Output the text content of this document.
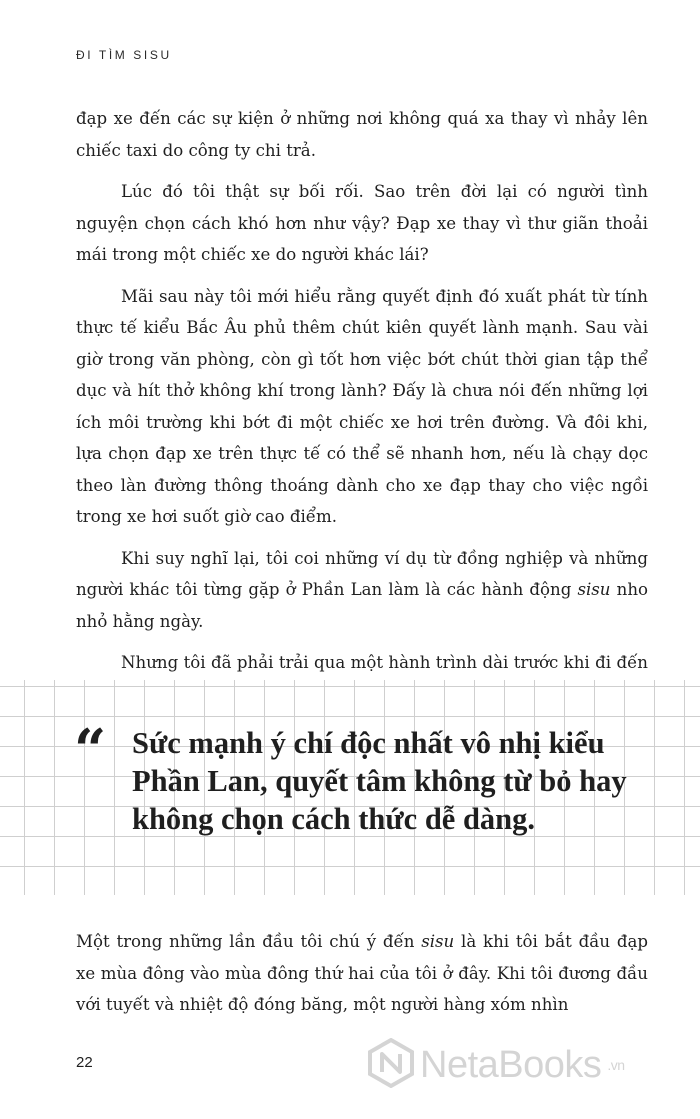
ĐI TÌM SISU

đạp xe đến các sự kiện ở những nơi không quá xa thay vì nhảy lên chiếc taxi do công ty chi trả.

Lúc đó tôi thật sự bối rối. Sao trên đời lại có người tình nguyện chọn cách khó hơn như vậy? Đạp xe thay vì thư giãn thoải mái trong một chiếc xe do người khác lái?

Mãi sau này tôi mới hiểu rằng quyết định đó xuất phát từ tính thực tế kiểu Bắc Âu phủ thêm chút kiên quyết lành mạnh. Sau vài giờ trong văn phòng, còn gì tốt hơn việc bớt chút thời gian tập thể dục và hít thở không khí trong lành? Đấy là chưa nói đến những lợi ích môi trường khi bớt đi một chiếc xe hơi trên đường. Và đôi khi, lựa chọn đạp xe trên thực tế có thể sẽ nhanh hơn, nếu là chạy dọc theo làn đường thông thoáng dành cho xe đạp thay cho việc ngồi trong xe hơi suốt giờ cao điểm.

Khi suy nghĩ lại, tôi coi những ví dụ từ đồng nghiệp và những người khác tôi từng gặp ở Phần Lan làm là các hành động sisu nho nhỏ hằng ngày.

Nhưng tôi đã phải trải qua một hành trình dài trước khi đi đến

“ Sức mạnh ý chí độc nhất vô nhị kiểu Phần Lan, quyết tâm không từ bỏ hay không chọn cách thức dễ dàng.

Một trong những lần đầu tôi chú ý đến sisu là khi tôi bắt đầu đạp xe mùa đông vào mùa đông thứ hai của tôi ở đây. Khi tôi đương đầu với tuyết và nhiệt độ đóng băng, một người hàng xóm nhìn

22	NetaBooks .vn
